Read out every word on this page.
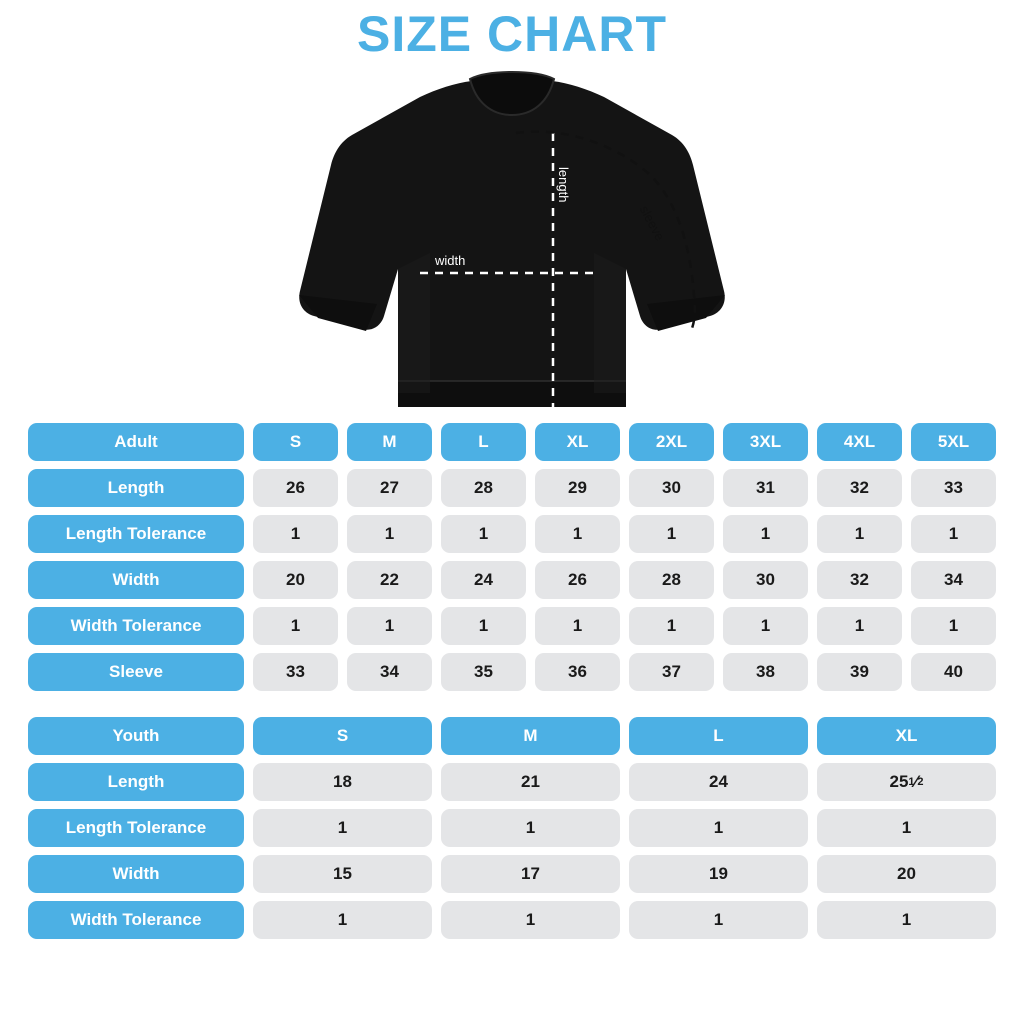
SIZE CHART
length
width
sleeve
Adult	S	M	L	XL	2XL	3XL	4XL	5XL
Length	26	27	28	29	30	31	32	33
Length Tolerance	1	1	1	1	1	1	1	1
Width	20	22	24	26	28	30	32	34
Width Tolerance	1	1	1	1	1	1	1	1
Sleeve	33	34	35	36	37	38	39	40
Youth	S	M	L	XL
Length	18	21	24	25 1 ⁄ 2
Length Tolerance	1	1	1	1
Width	15	17	19	20
Width Tolerance	1	1	1	1
